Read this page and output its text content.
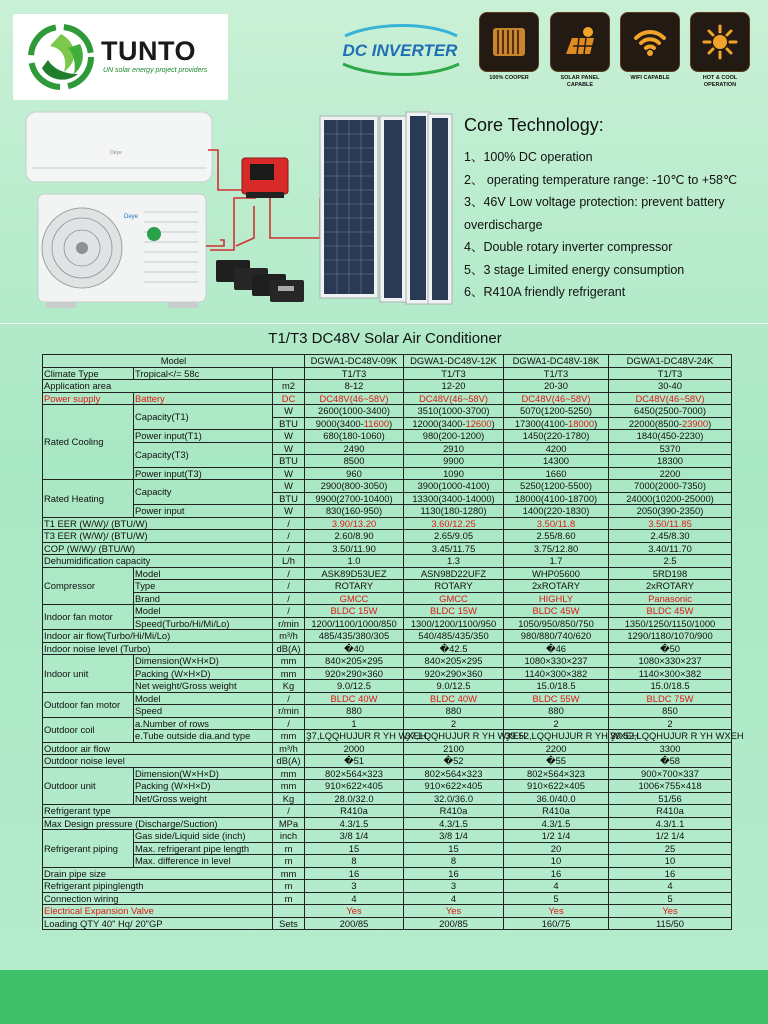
TUNTO
UN solar energy project providers
DC INVERTER
100% COOPER	SOLAR PANEL CAPABLE
WIFI CAPABLE	HOT & COOL OPERATION
Deye
Deye
Core Technology:
1、100% DC operation
2、 operating temperature range: -10℃ to +58℃
3、46V Low voltage protection: prevent battery overdischarge
4、Double rotary inverter compressor
5、3 stage Limited energy consumption
6、R410A friendly refrigerant
T1/T3 DC48V Solar Air Conditioner
Model			DGWA1-DC48V-09K	DGWA1-DC48V-12K	DGWA1-DC48V-18K	DGWA1-DC48V-24K
Climate Type	Tropical</= 58c		T1/T3	T1/T3	T1/T3	T1/T3
Application area		m2	8-12	12-20	20-30	30-40
Power supply	Battery	DC	DC48V(46~58V)	DC48V(46~58V)	DC48V(46~58V)	DC48V(46~58V)
Rated Cooling	Capacity(T1)	W	2600(1000-3400)	3510(1000-3700)	5070(1200-5250)	6450(2500-7000)
		BTU	9000(3400-11600)	12000(3400-12600)	17300(4100-18000)	22000(8500-23900)
	Power input(T1)	W	680(180-1060)	980(200-1200)	1450(220-1780)	1840(450-2230)
	Capacity(T3)	W	2490	2910	4200	5370
		BTU	8500	9900	14300	18300
	Power input(T3)	W	960	1090	1660	2200
Rated Heating	Capacity	W	2900(800-3050)	3900(1000-4100)	5250(1200-5500)	7000(2000-7350)
		BTU	9900(2700-10400)	13300(3400-14000)	18000(4100-18700)	24000(10200-25000)
	Power input	W	830(160-950)	1130(180-1280)	1400(220-1830)	2050(390-2350)
T1 EER (W/W)/ (BTU/W)		/	3.90/13.20	3.60/12.25	3.50/11.8	3.50/11.85
T3 EER (W/W)/ (BTU/W)		/	2.60/8.90	2.65/9.05	2.55/8.60	2.45/8.30
COP (W/W)/ (BTU/W)		/	3.50/11.90	3.45/11.75	3.75/12.80	3.40/11.70
Dehumidification capacity		L/h	1.0	1.3	1.7	2.5
Compressor	Model	/	ASK89D53UEZ	ASN98D22UFZ	WHP05600	5RD198
	Type	/	ROTARY	ROTARY	2xROTARY	2xROTARY
	Brand	/	GMCC	GMCC	HIGHLY	Panasonic
Indoor fan motor	Model	/	BLDC 15W	BLDC 15W	BLDC 45W	BLDC 45W
	Speed(Turbo/Hi/Mi/Lo)	r/min	1200/1100/1000/850	1300/1200/1100/950	1050/950/850/750	1350/1250/1150/1000
Indoor air flow(Turbo/Hi/Mi/Lo)		m³/h	485/435/380/305	540/485/435/350	980/880/740/620	1290/1180/1070/900
Indoor noise level (Turbo)		dB(A)	�40	�42.5	�46	�50
Indoor unit	Dimension(W×H×D)	mm	840×205×295	840×205×295	1080×330×237	1080×330×237
	Packing (W×H×D)	mm	920×290×360	920×290×360	1140×300×382	1140×300×382
	Net weight/Gross weight	Kg	9.0/12.5	9.0/12.5	15.0/18.5	15.0/18.5
Outdoor fan motor	Model	/	BLDC 40W	BLDC 40W	BLDC 55W	BLDC 75W
	Speed	r/min	880	880	880	850
Outdoor coil	a.Number of rows	/	1	2	2	2
	e.Tube outside dia.and type	mm	Ҙ7,LQQHUJUR R YH WXEH	Ҙ7,LQQHUJUR R YH WXEH	Ҙ9.52,LQQHUJUR R YH WXEH	Ҙ9.52,LQQHUJUR R YH WXEH
Outdoor air flow		m³/h	2000	2100	2200	3300
Outdoor noise level		dB(A)	�51	�52	�55	�58
Outdoor unit	Dimension(W×H×D)	mm	802×564×323	802×564×323	802×564×323	900×700×337
	Packing (W×H×D)	mm	910×622×405	910×622×405	910×622×405	1006×755×418
	Net/Gross weight	Kg	28.0/32.0	32.0/36.0	36.0/40.0	51/56
Refrigerant type		/	R410a	R410a	R410a	R410a
Max Design pressure (Discharge/Suction)		MPa	4.3/1.5	4.3/1.5	4.3/1.5	4.3/1.1
Refrigerant piping	Gas side/Liquid side (inch)	inch	3/8 1/4	3/8 1/4	1/2 1/4	1/2 1/4
	Max. refrigerant pipe length	m	15	15	20	25
	Max. difference in level	m	8	8	10	10
Drain pipe size		mm	16	16	16	16
Refrigerant pipinglength		m	3	3	4	4
Connection wiring		m	4	4	5	5
Electrical Expansion Valve			Yes	Yes	Yes	Yes
Loading QTY 40" Hq/ 20"GP		Sets	200/85	200/85	160/75	115/50
